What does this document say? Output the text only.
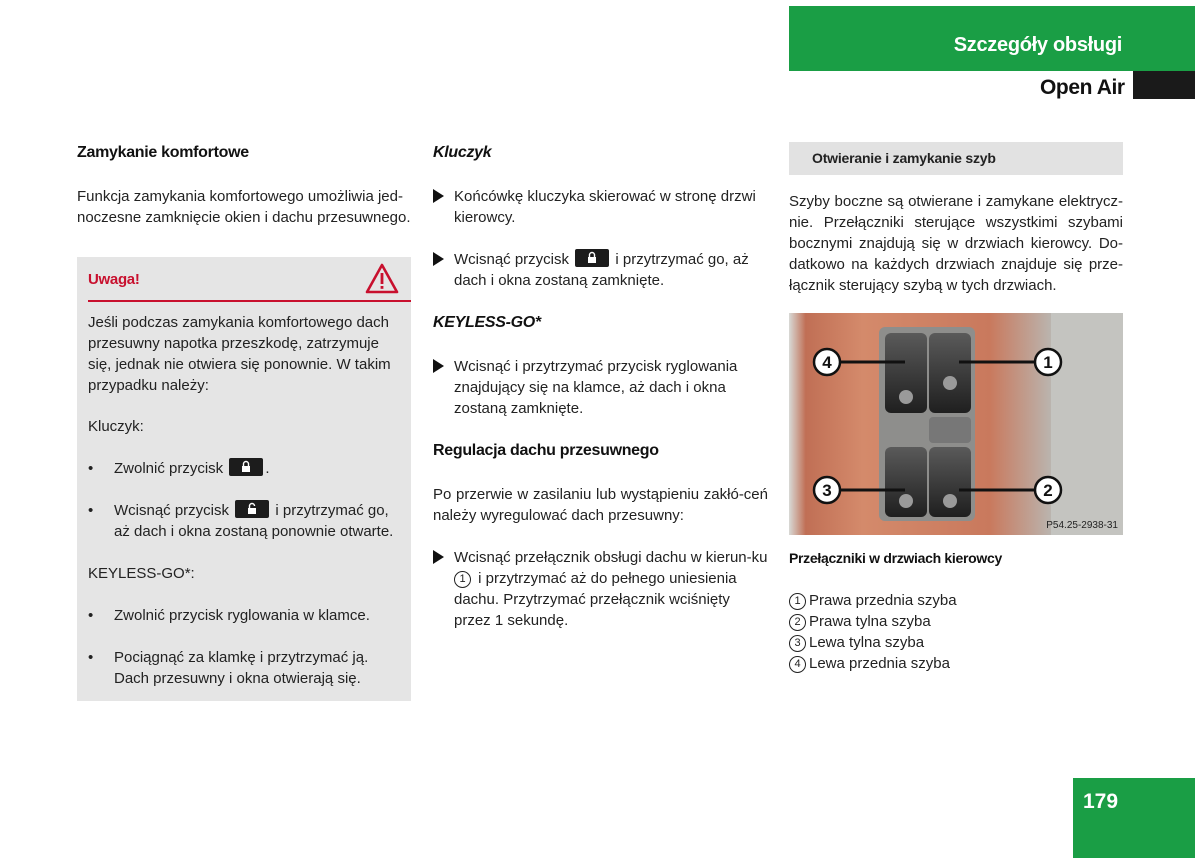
Szczegóły obsługi
Open Air
Zamykanie komfortowe
Funkcja zamykania komfortowego umożliwia jed-
noczesne zamknięcie okien i dachu przesuwnego.
Uwaga!
Jeśli podczas zamykania komfortowego dach przesuwny napotka przeszkodę, zatrzymuje się, jednak nie otwiera się ponownie. W takim przypadku należy:
Kluczyk:
•	Zwolnić przycisk	.
•	Wcisnąć przycisk	i przytrzymać go, aż dach i okna zostaną ponownie otwarte.
KEYLESS-GO*:
•	Zwolnić przycisk ryglowania w klamce.
•	Pociągnąć za klamkę i przytrzymać ją. Dach przesuwny i okna otwierają się.
Kluczyk
Końcówkę kluczyka skierować w stronę drzwi kierowcy.
Wcisnąć przycisk	i przytrzymać go, aż dach i okna zostaną zamknięte.
KEYLESS-GO*
Wcisnąć i przytrzymać przycisk ryglowania znajdujący się na klamce, aż dach i okna zostaną zamknięte.
Regulacja dachu przesuwnego
Po przerwie w zasilaniu lub wystąpieniu zakłó-ceń należy wyregulować dach przesuwny:
Wcisnąć przełącznik obsługi dachu w kierun-ku 1 i przytrzymać aż do pełnego uniesienia dachu. Przytrzymać przełącznik wciśnięty przez 1 sekundę.
Otwieranie i zamykanie szyb
Szyby boczne są otwierane i zamykane elektrycz-nie. Przełączniki sterujące wszystkimi szybami bocznymi znajdują się w drzwiach kierowcy. Do-datkowo na każdych drzwiach znajduje się prze-łącznik sterujący szybą w tych drzwiach.
4	1
3	2
P54.25-2938-31
Przełączniki w drzwiach kierowcy
1 Prawa przednia szyba
2 Prawa tylna szyba
3 Lewa tylna szyba
4 Lewa przednia szyba
179
